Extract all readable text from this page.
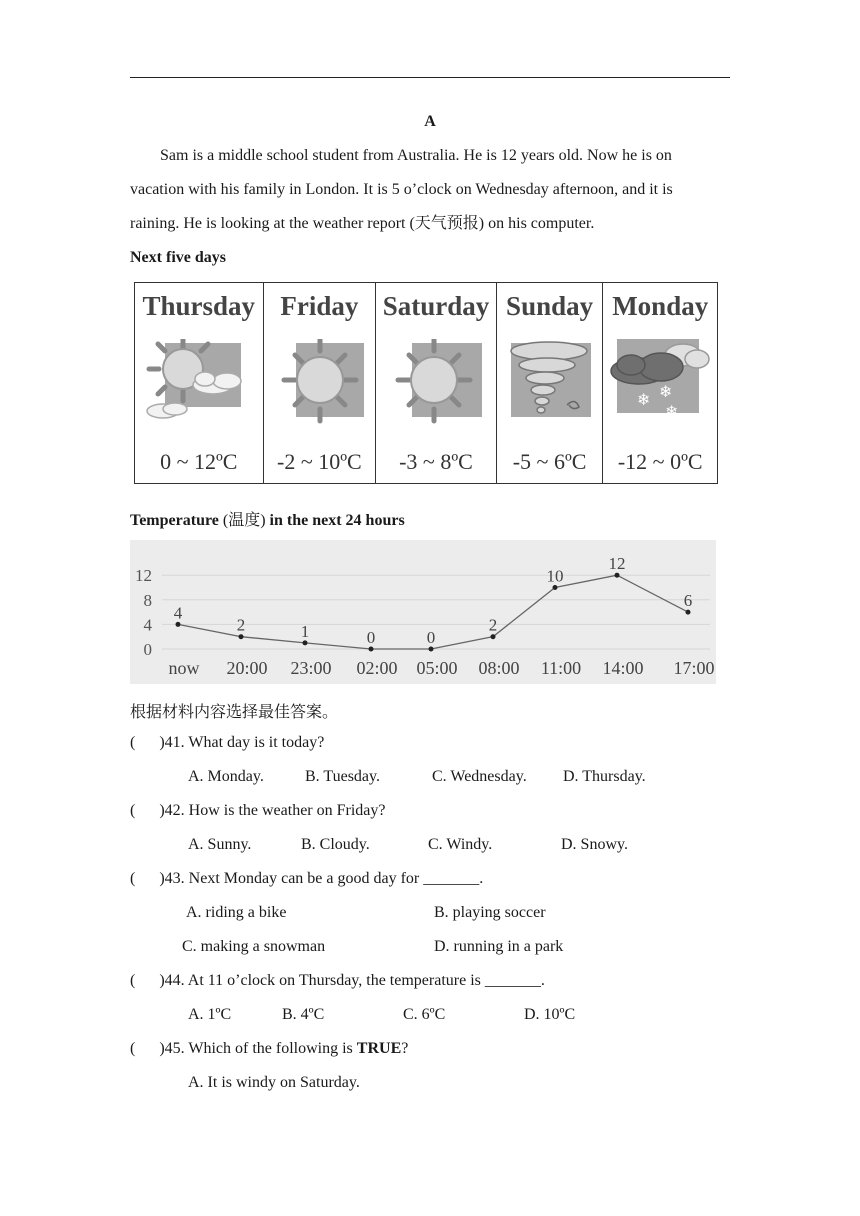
A
Sam is a middle school student from Australia. He is 12 years old. Now he is on
vacation with his family in London. It is 5 o’clock on Wednesday afternoon, and it is
raining. He is looking at the weather report (天气预报) on his computer.
Next five days
Thursday
0 ~ 12ºC
Friday
-2 ~ 10ºC
Saturday
-3 ~ 8ºC
Sunday
-5 ~ 6ºC
Monday
❄ ❄
❄
-12 ~ 0ºC
Temperature (温度) in the next 24 hours
0
4
8
12
4
2	1	0	0
2
10
12
6
now 20:00 23:00 02:00 05:00 08:00 11:00 14:00 17:00
根据材料内容选择最佳答案。
(      )41. What day is it today?
A. Monday.	B. Tuesday.	C. Wednesday. D. Thursday.
(      )42. How is the weather on Friday?
A. Sunny.	B. Cloudy.	C. Windy.	D. Snowy.
(      )43. Next Monday can be a good day for _______.
A. riding a bike	B. playing soccer
C. making a snowman	D. running in a park
(      )44. At 11 o’clock on Thursday, the temperature is _______.
A. 1ºC	B. 4ºC	C. 6ºC	D. 10ºC
(      )45. Which of the following is TRUE?
A. It is windy on Saturday.
